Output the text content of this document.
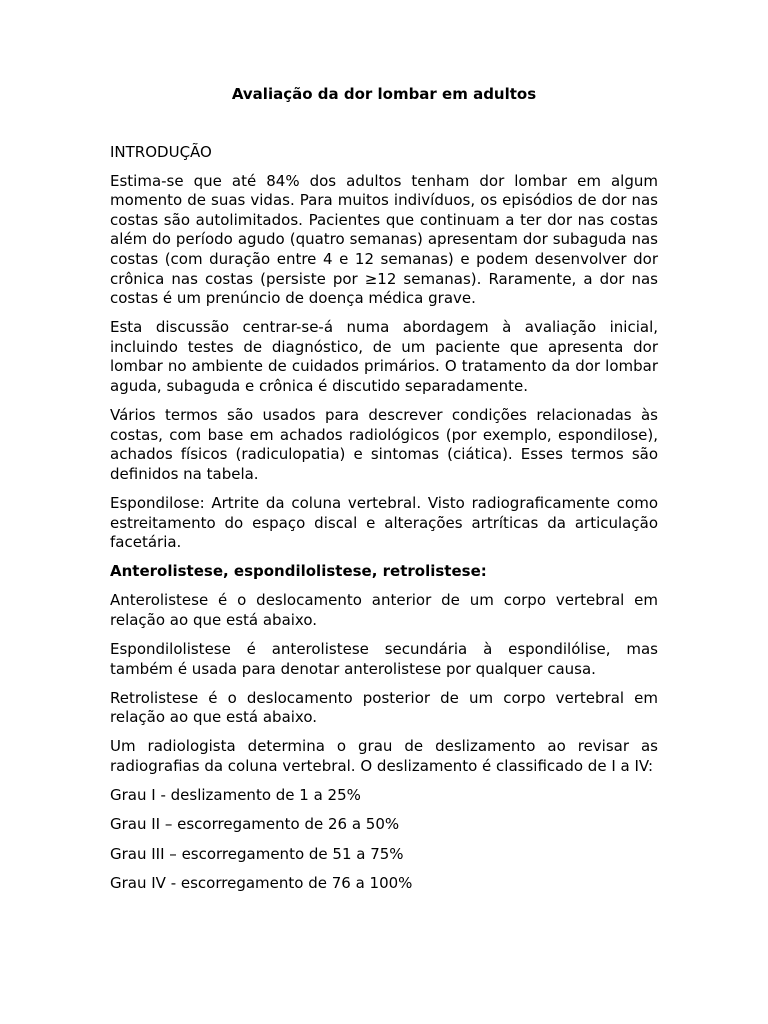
Avaliação da dor lombar em adultos
INTRODUÇÃO

Estima-se que até 84% dos adultos tenham dor lombar em algum momento de suas vidas. Para muitos indivíduos, os episódios de dor nas costas são autolimitados. Pacientes que continuam a ter dor nas costas além do período agudo (quatro semanas) apresentam dor subaguda nas costas (com duração entre 4 e 12 semanas) e podem desenvolver dor crônica nas costas (persiste por ≥12 semanas). Raramente, a dor nas costas é um prenúncio de doença médica grave.

Esta discussão centrar-se-á numa abordagem à avaliação inicial, incluindo testes de diagnóstico, de um paciente que apresenta dor lombar no ambiente de cuidados primários. O tratamento da dor lombar aguda, subaguda e crônica é discutido separadamente.

Vários termos são usados para descrever condições relacionadas às costas, com base em achados radiológicos (por exemplo, espondilose), achados físicos (radiculopatia) e sintomas (ciática). Esses termos são definidos na tabela.

Espondilose: Artrite da coluna vertebral. Visto radiograficamente como estreitamento do espaço discal e alterações artríticas da articulação facetária.

Anterolistese, espondilolistese, retrolistese:

Anterolistese é o deslocamento anterior de um corpo vertebral em relação ao que está abaixo.

Espondilolistese é anterolistese secundária à espondilólise, mas também é usada para denotar anterolistese por qualquer causa.

Retrolistese é o deslocamento posterior de um corpo vertebral em relação ao que está abaixo.

Um radiologista determina o grau de deslizamento ao revisar as radiografias da coluna vertebral. O deslizamento é classificado de I a IV:

Grau I - deslizamento de 1 a 25%
Grau II – escorregamento de 26 a 50%
Grau III – escorregamento de 51 a 75%
Grau IV - escorregamento de 76 a 100%
